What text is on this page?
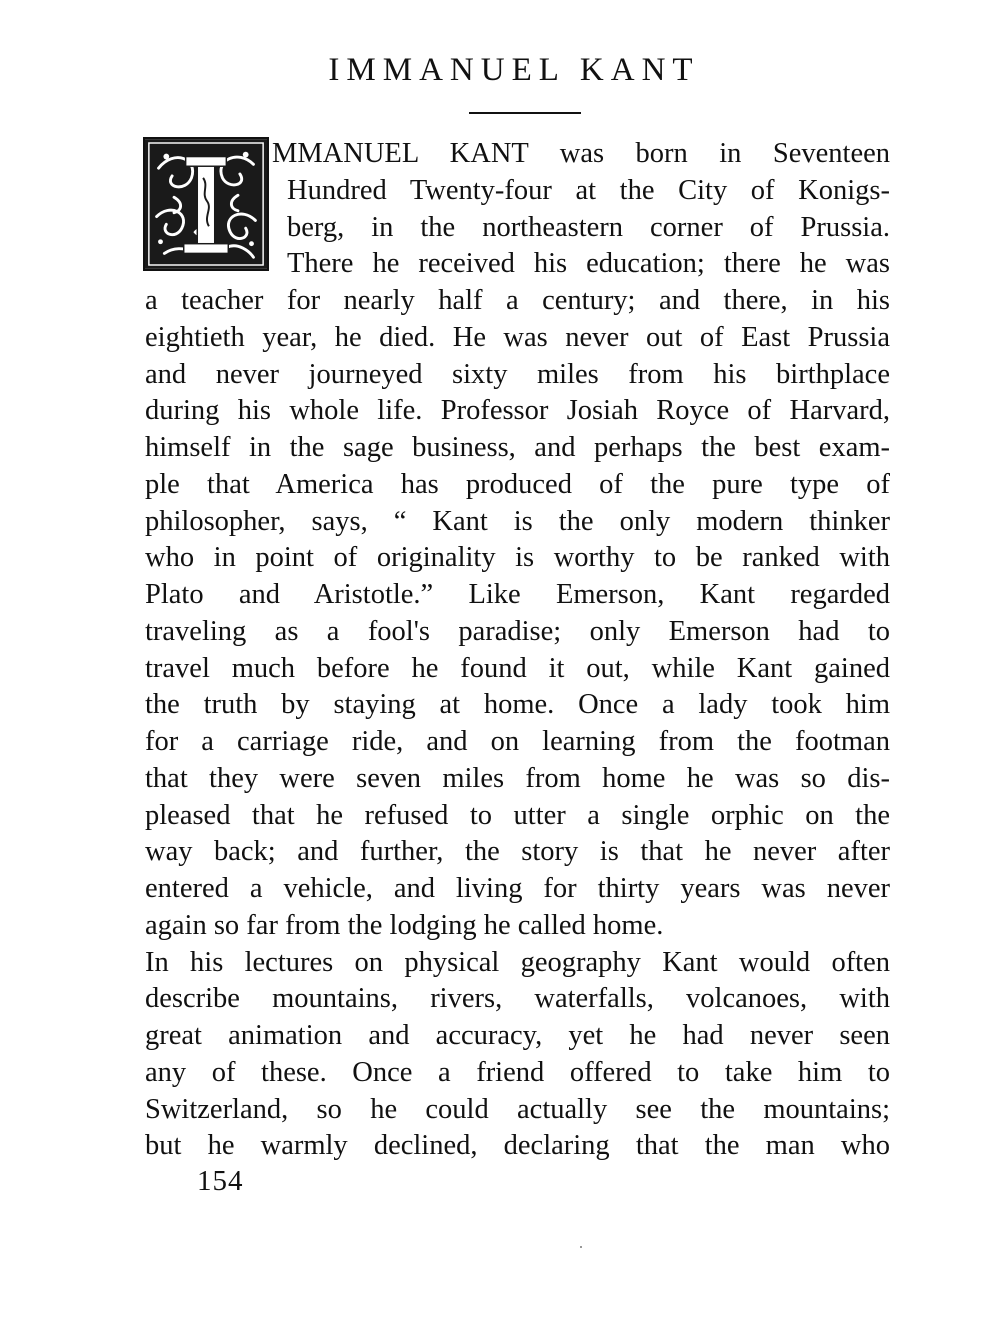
IMMANUEL KANT
MMANUEL KANT was born in Seventeen
Hundred Twenty-four at the City of Konigs-
berg, in the northeastern corner of Prussia.
There he received his education; there he was
a teacher for nearly half a century; and there, in his
eightieth year, he died. He was never out of East Prussia
and never journeyed sixty miles from his birthplace
during his whole life. Professor Josiah Royce of Harvard,
himself in the sage business, and perhaps the best exam-
ple that America has produced of the pure type of
philosopher, says, “ Kant is the only modern thinker
who in point of originality is worthy to be ranked with
Plato and Aristotle.” Like Emerson, Kant regarded
traveling as a fool's paradise; only Emerson had to
travel much before he found it out, while Kant gained
the truth by staying at home. Once a lady took him
for a carriage ride, and on learning from the footman
that they were seven miles from home he was so dis-
pleased that he refused to utter a single orphic on the
way back; and further, the story is that he never after
entered a vehicle, and living for thirty years was never
again so far from the lodging he called home.
In his lectures on physical geography Kant would often
describe mountains, rivers, waterfalls, volcanoes, with
great animation and accuracy, yet he had never seen
any of these. Once a friend offered to take him to
Switzerland, so he could actually see the mountains;
but he warmly declined, declaring that the man who
154
